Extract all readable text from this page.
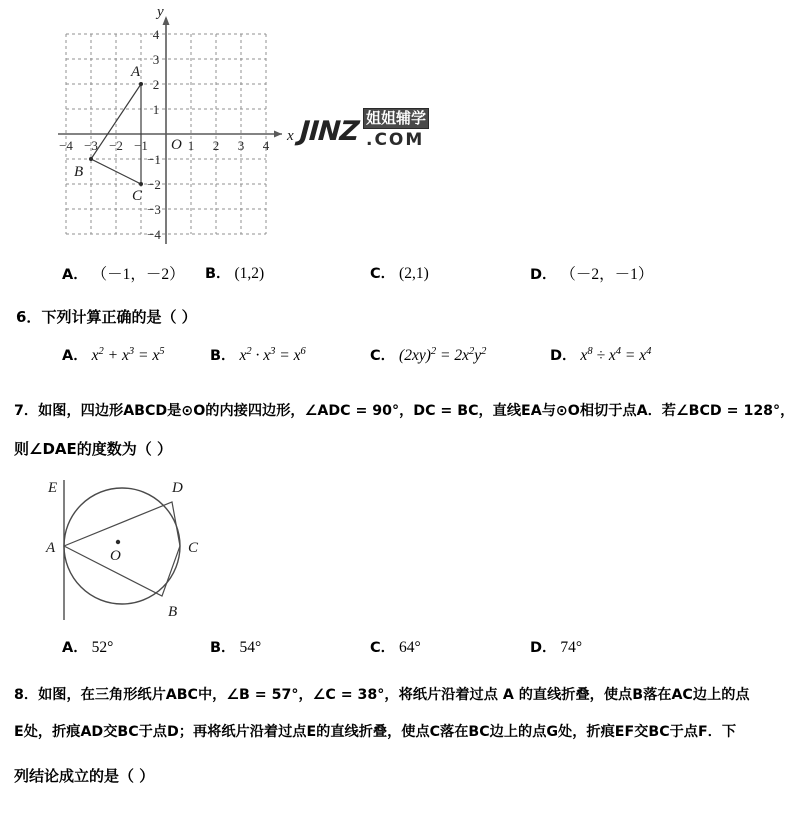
x
y
O
−4 −3 −2 −1	1 2 3 4
4
3
2
1
−1
−2
−3
−4
A
B
C
JINZ 姐姐辅学
.COM
A． （－1，－2） B． (1,2)	C． (2,1)	D． （－2，－1）
6．下列计算正确的是（ ）
A． $x^2 + x^3 = x^5$	B． $x^2 \cdot x^3 = x^6$	C． $(2xy)^2 = 2x^2y^2$	D． $x^8 \div x^4 = x^4$
7．如图，四边形ABCD是⊙O的内接四边形，∠ADC = 90°，DC = BC，直线EA与⊙O相切于点A．若∠BCD = 128°，
则∠DAE的度数为（ ）
O
A
B
C
D
E
A． 52°	B． 54°	C． 64°	D． 74°
8．如图，在三角形纸片ABC中，∠B = 57°，∠C = 38°，将纸片沿着过点 A 的直线折叠，使点B落在AC边上的点
E处，折痕AD交BC于点D；再将纸片沿着过点E的直线折叠，使点C落在BC边上的点G处，折痕EF交BC于点F．下
列结论成立的是（ ）
